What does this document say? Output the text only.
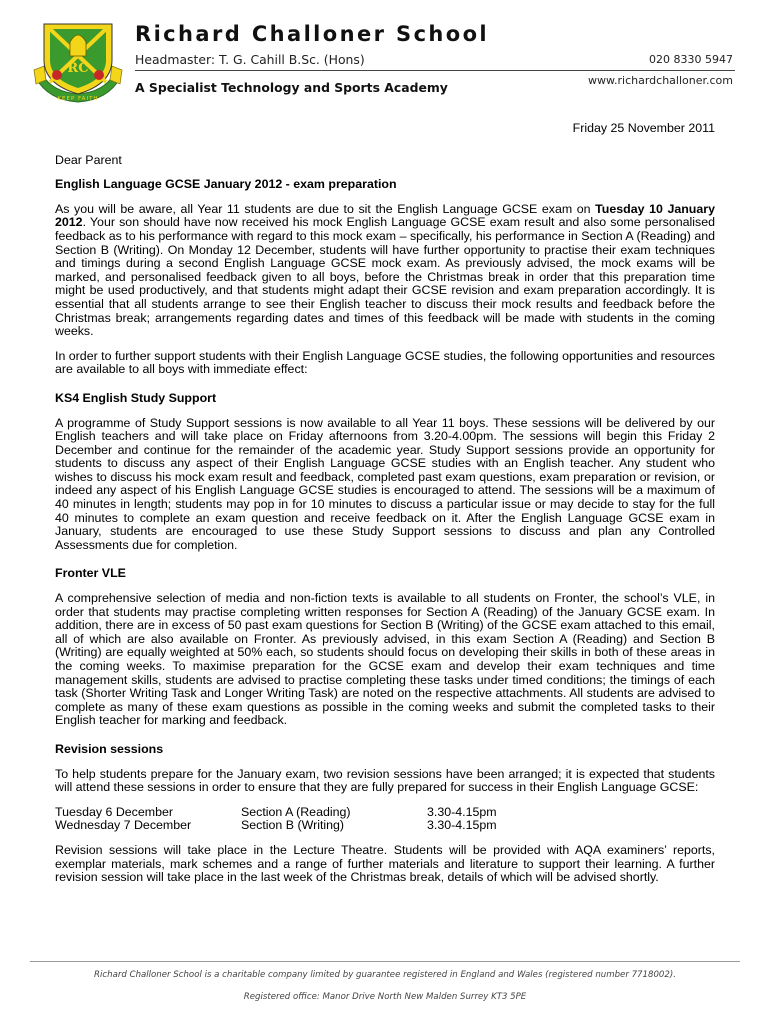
RC
KEEP FAITH
Richard Challoner School
Headmaster: T. G. Cahill B.Sc. (Hons)	020 8330 5947
www.richardchalloner.com
A Specialist Technology and Sports Academy

Friday 25 November 2011

Dear Parent

English Language GCSE January 2012 - exam preparation

As you will be aware, all Year 11 students are due to sit the English Language GCSE exam on Tuesday 10 January 2012. Your son should have now received his mock English Language GCSE exam result and also some personalised feedback as to his performance with regard to this mock exam – specifically, his performance in Section A (Reading) and Section B (Writing). On Monday 12 December, students will have further opportunity to practise their exam techniques and timings during a second English Language GCSE mock exam. As previously advised, the mock exams will be marked, and personalised feedback given to all boys, before the Christmas break in order that this preparation time might be used productively, and that students might adapt their GCSE revision and exam preparation accordingly. It is essential that all students arrange to see their English teacher to discuss their mock results and feedback before the Christmas break; arrangements regarding dates and times of this feedback will be made with students in the coming weeks.

In order to further support students with their English Language GCSE studies, the following opportunities and resources are available to all boys with immediate effect:

KS4 English Study Support

A programme of Study Support sessions is now available to all Year 11 boys. These sessions will be delivered by our English teachers and will take place on Friday afternoons from 3.20-4.00pm. The sessions will begin this Friday 2 December and continue for the remainder of the academic year. Study Support sessions provide an opportunity for students to discuss any aspect of their English Language GCSE studies with an English teacher. Any student who wishes to discuss his mock exam result and feedback, completed past exam questions, exam preparation or revision, or indeed any aspect of his English Language GCSE studies is encouraged to attend. The sessions will be a maximum of 40 minutes in length; students may pop in for 10 minutes to discuss a particular issue or may decide to stay for the full 40 minutes to complete an exam question and receive feedback on it. After the English Language GCSE exam in January, students are encouraged to use these Study Support sessions to discuss and plan any Controlled Assessments due for completion.

Fronter VLE

A comprehensive selection of media and non-fiction texts is available to all students on Fronter, the school’s VLE, in order that students may practise completing written responses for Section A (Reading) of the January GCSE exam. In addition, there are in excess of 50 past exam questions for Section B (Writing) of the GCSE exam attached to this email, all of which are also available on Fronter. As previously advised, in this exam Section A (Reading) and Section B (Writing) are equally weighted at 50% each, so students should focus on developing their skills in both of these areas in the coming weeks. To maximise preparation for the GCSE exam and develop their exam techniques and time management skills, students are advised to practise completing these tasks under timed conditions; the timings of each task (Shorter Writing Task and Longer Writing Task) are noted on the respective attachments. All students are advised to complete as many of these exam questions as possible in the coming weeks and submit the completed tasks to their English teacher for marking and feedback.

Revision sessions

To help students prepare for the January exam, two revision sessions have been arranged; it is expected that students will attend these sessions in order to ensure that they are fully prepared for success in their English Language GCSE:

Tuesday 6 December	Section A (Reading)	3.30-4.15pm
Wednesday 7 December	Section B (Writing)	3.30-4.15pm

Revision sessions will take place in the Lecture Theatre. Students will be provided with AQA examiners’ reports, exemplar materials, mark schemes and a range of further materials and literature to support their learning. A further revision session will take place in the last week of the Christmas break, details of which will be advised shortly.

Richard Challoner School is a charitable company limited by guarantee registered in England and Wales (registered number 7718002).
Registered office: Manor Drive North New Malden Surrey KT3 5PE
